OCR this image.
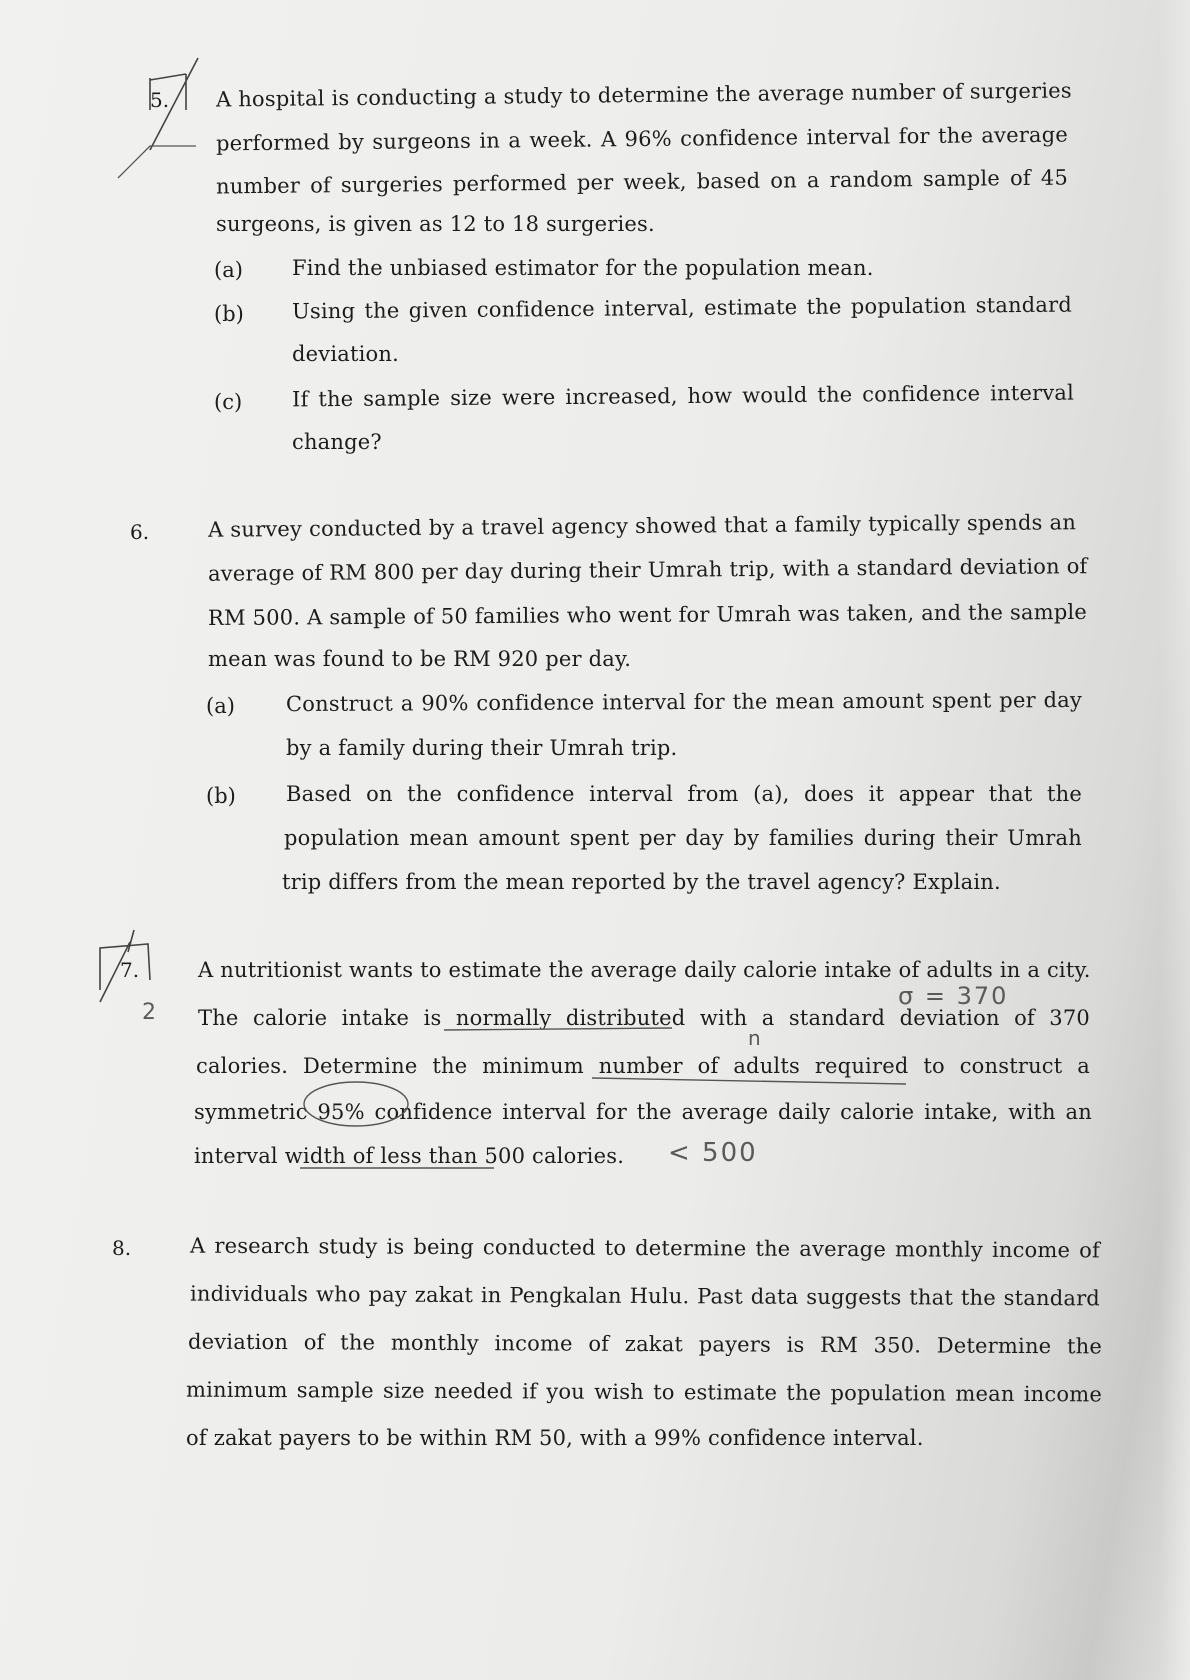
5. A hospital is conducting a study to determine the average number of surgeries
performed by surgeons in a week. A 96% confidence interval for the average
number of surgeries performed per week, based on a random sample of 45
surgeons, is given as 12 to 18 surgeries.
(a) Find the unbiased estimator for the population mean.
(b) Using the given confidence interval, estimate the population standard
deviation.
(c) If the sample size were increased, how would the confidence interval
change?
6.	A survey conducted by a travel agency showed that a family typically spends an
average of RM 800 per day during their Umrah trip, with a standard deviation of
RM 500. A sample of 50 families who went for Umrah was taken, and the sample
mean was found to be RM 920 per day.
(a) Construct a 90% confidence interval for the mean amount spent per day
by a family during their Umrah trip.
(b) Based on the confidence interval from (a), does it appear that the
population mean amount spent per day by families during their Umrah
trip differs from the mean reported by the travel agency? Explain.
7.	A nutritionist wants to estimate the average daily calorie intake of adults in a city.
The calorie intake is normally distributed with a standard deviation of 370
calories. Determine the minimum number of adults required to construct a
symmetric 95% confidence interval for the average daily calorie intake, with an
interval width of less than 500 calories.
2
σ = 370
n
< 500
8.	A research study is being conducted to determine the average monthly income of
individuals who pay zakat in Pengkalan Hulu. Past data suggests that the standard
deviation of the monthly income of zakat payers is RM 350. Determine the
minimum sample size needed if you wish to estimate the population mean income
of zakat payers to be within RM 50, with a 99% confidence interval.
